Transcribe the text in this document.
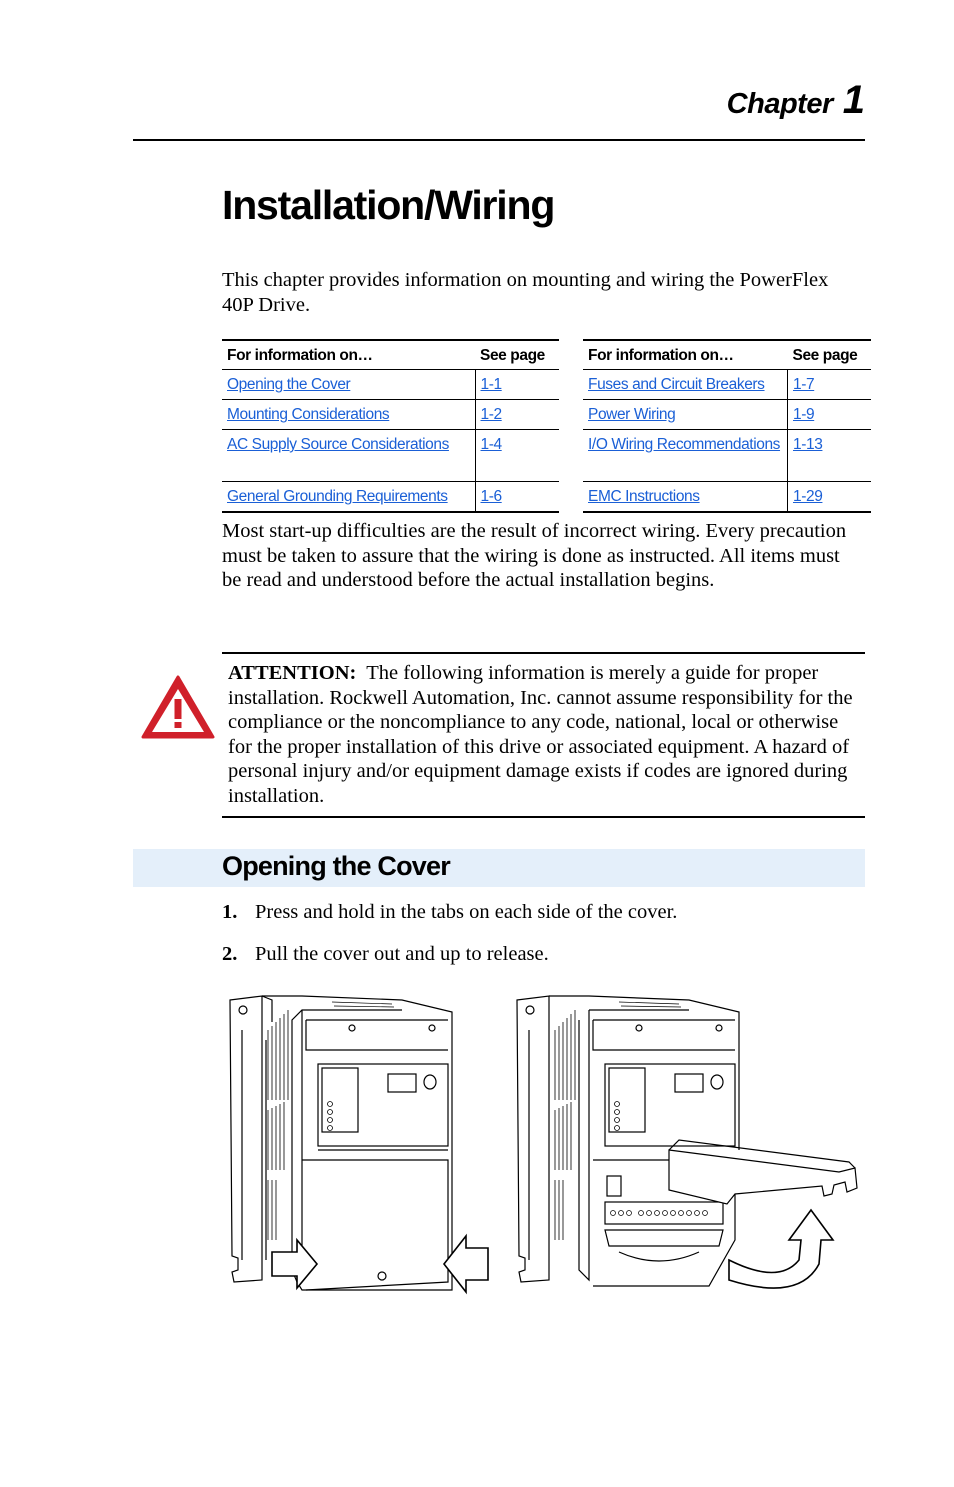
Chapter 1
Installation/Wiring
This chapter provides information on mounting and wiring the PowerFlex 40P Drive.
For information on…	See page
Opening the Cover	1-1
Mounting Considerations	1-2
AC Supply Source Considerations	1-4
General Grounding Requirements	1-6
For information on…	See page
Fuses and Circuit Breakers	1-7
Power Wiring	1-9
I/O Wiring Recommendations	1-13
EMC Instructions	1-29
Most start-up difficulties are the result of incorrect wiring. Every precaution must be taken to assure that the wiring is done as instructed. All items must be read and understood before the actual installation begins.
ATTENTION: The following information is merely a guide for proper installation. Rockwell Automation, Inc. cannot assume responsibility for the compliance or the noncompliance to any code, national, local or otherwise for the proper installation of this drive or associated equipment. A hazard of personal injury and/or equipment damage exists if codes are ignored during installation.
Opening the Cover
1. Press and hold in the tabs on each side of the cover.
2. Pull the cover out and up to release.
